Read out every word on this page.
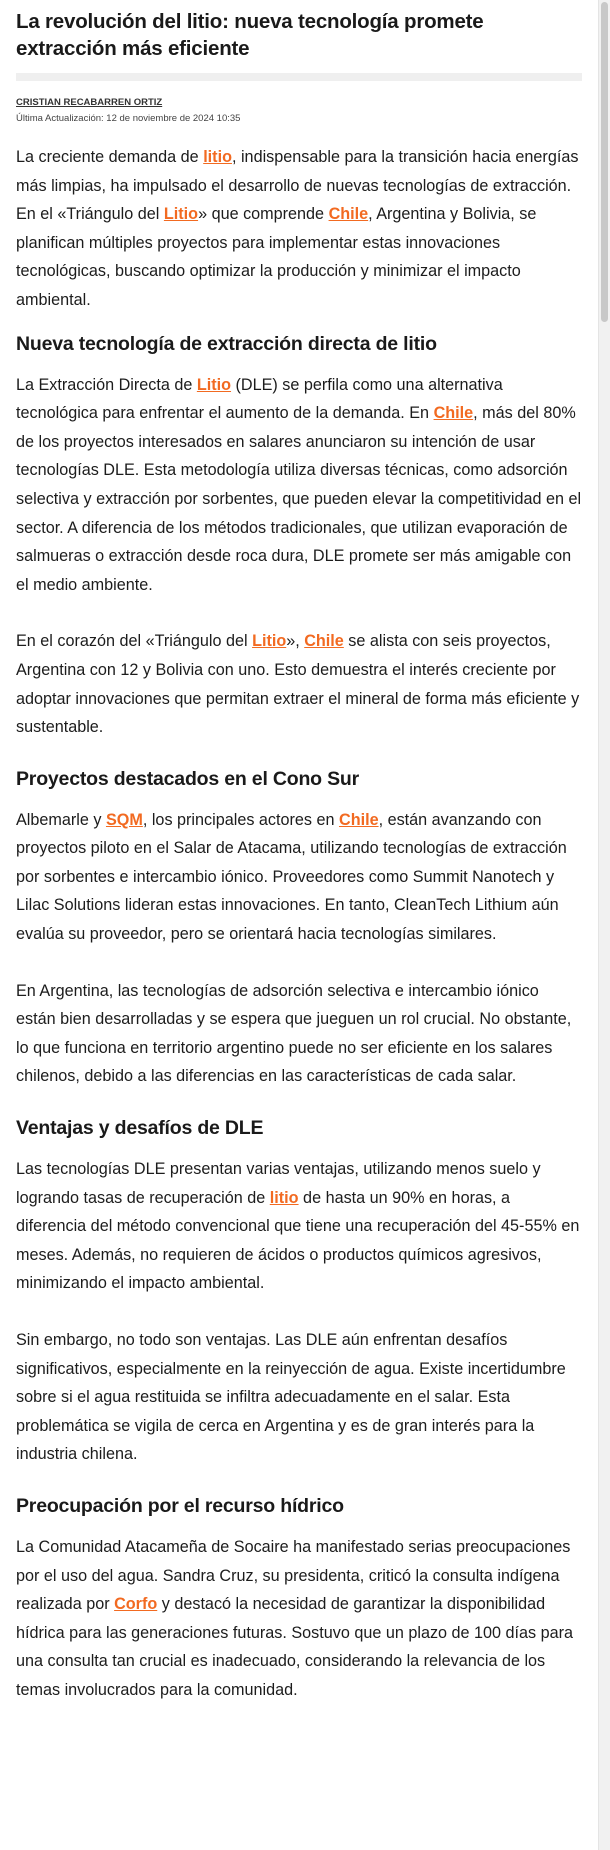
La revolución del litio: nueva tecnología promete extracción más eficiente
CRISTIAN RECABARREN ORTIZ
Última Actualización: 12 de noviembre de 2024 10:35

La creciente demanda de litio, indispensable para la transición hacia energías más limpias, ha impulsado el desarrollo de nuevas tecnologías de extracción. En el «Triángulo del Litio» que comprende Chile, Argentina y Bolivia, se planifican múltiples proyectos para implementar estas innovaciones tecnológicas, buscando optimizar la producción y minimizar el impacto ambiental.

Nueva tecnología de extracción directa de litio

La Extracción Directa de Litio (DLE) se perfila como una alternativa tecnológica para enfrentar el aumento de la demanda. En Chile, más del 80% de los proyectos interesados en salares anunciaron su intención de usar tecnologías DLE. Esta metodología utiliza diversas técnicas, como adsorción selectiva y extracción por sorbentes, que pueden elevar la competitividad en el sector. A diferencia de los métodos tradicionales, que utilizan evaporación de salmueras o extracción desde roca dura, DLE promete ser más amigable con el medio ambiente.

En el corazón del «Triángulo del Litio», Chile se alista con seis proyectos, Argentina con 12 y Bolivia con uno. Esto demuestra el interés creciente por adoptar innovaciones que permitan extraer el mineral de forma más eficiente y sustentable.

Proyectos destacados en el Cono Sur

Albemarle y SQM, los principales actores en Chile, están avanzando con proyectos piloto en el Salar de Atacama, utilizando tecnologías de extracción por sorbentes e intercambio iónico. Proveedores como Summit Nanotech y Lilac Solutions lideran estas innovaciones. En tanto, CleanTech Lithium aún evalúa su proveedor, pero se orientará hacia tecnologías similares.

En Argentina, las tecnologías de adsorción selectiva e intercambio iónico están bien desarrolladas y se espera que jueguen un rol crucial. No obstante, lo que funciona en territorio argentino puede no ser eficiente en los salares chilenos, debido a las diferencias en las características de cada salar.

Ventajas y desafíos de DLE

Las tecnologías DLE presentan varias ventajas, utilizando menos suelo y logrando tasas de recuperación de litio de hasta un 90% en horas, a diferencia del método convencional que tiene una recuperación del 45-55% en meses. Además, no requieren de ácidos o productos químicos agresivos, minimizando el impacto ambiental.

Sin embargo, no todo son ventajas. Las DLE aún enfrentan desafíos significativos, especialmente en la reinyección de agua. Existe incertidumbre sobre si el agua restituida se infiltra adecuadamente en el salar. Esta problemática se vigila de cerca en Argentina y es de gran interés para la industria chilena.

Preocupación por el recurso hídrico

La Comunidad Atacameña de Socaire ha manifestado serias preocupaciones por el uso del agua. Sandra Cruz, su presidenta, criticó la consulta indígena realizada por Corfo y destacó la necesidad de garantizar la disponibilidad hídrica para las generaciones futuras. Sostuvo que un plazo de 100 días para una consulta tan crucial es inadecuado, considerando la relevancia de los temas involucrados para la comunidad.
